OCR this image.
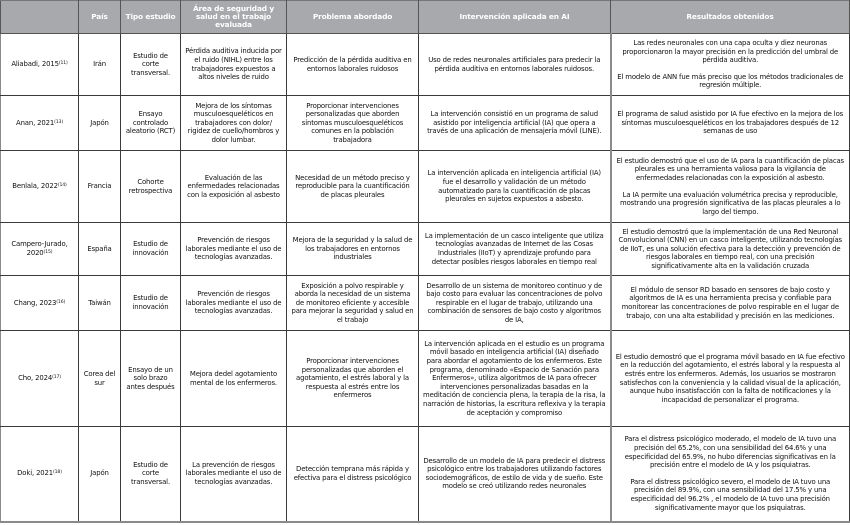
	País	Tipo estudio	Área de seguridad y salud en el trabajo evaluada	Problema abordado	Intervención aplicada en AI	Resultados obtenidos
Aliabadi, 2015$^{(11)}$	Irán	Estudio de corte transversal.	Pérdida auditiva inducida por el ruido (NIHL) entre los trabajadores expuestos a altos niveles de ruido	Predicción de la pérdida auditiva en entornos laborales ruidosos	Uso de redes neuronales artificiales para predecir la pérdida auditiva en entornos laborales ruidosos.	Las redes neuronales con una capa oculta y diez neuronas proporcionaron la mayor precisión en la predicción del umbral de pérdida auditiva.
El modelo de ANN fue más preciso que los métodos tradicionales de regresión múltiple.

Anan, 2021$^{(13)}$	Japón	Ensayo controlado aleatorio (RCT)	Mejora de los síntomas musculoesqueléticos en trabajadores con dolor/ rigidez de cuello/hombros y dolor lumbar.	Proporcionar intervenciones personalizadas que aborden síntomas musculoesqueléticos comunes en la población trabajadora	La intervención consistió en un programa de salud asistido por inteligencia artificial (IA) que opera a través de una aplicación de mensajería móvil (LINE).	El programa de salud asistido por IA fue efectivo en la mejora de los síntomas musculoesqueléticos en los trabajadores después de 12 semanas de uso

Benlala, 2022$^{(14)}$	Francia	Cohorte retrospectiva	Evaluación de las enfermedades relacionadas con la exposición al asbesto	Necesidad de un método preciso y reproducible para la cuantificación de placas pleurales	La intervención aplicada en inteligencia artificial (IA) fue el desarrollo y validación de un método automatizado para la cuantificación de placas pleurales en sujetos expuestos a asbesto.	El estudio demostró que el uso de IA para la cuantificación de placas pleurales es una herramienta valiosa para la vigilancia de enfermedades relacionadas con la exposición al asbesto.
La IA permite una evaluación volumétrica precisa y reproducible, mostrando una progresión significativa de las placas pleurales a lo largo del tiempo.

Campero-Jurado, 2020$^{(15)}$	España	Estudio de innovación	Prevención de riesgos laborales mediante el uso de tecnologías avanzadas.	Mejora de la seguridad y la salud de los trabajadores en entornos industriales	La implementación de un casco inteligente que utiliza tecnologías avanzadas de Internet de las Cosas Industriales (IIoT) y aprendizaje profundo para detectar posibles riesgos laborales en tiempo real	El estudio demostró que la implementación de una Red Neuronal Convolucional (CNN) en un casco inteligente, utilizando tecnologías de IIoT, es una solución efectiva para la detección y prevención de riesgos laborales en tiempo real, con una precisión significativamente alta en la validación cruzada

Chang, 2023$^{(16)}$	Taiwán	Estudio de innovación	Prevención de riesgos laborales mediante el uso de tecnologías avanzadas.	Exposición a polvo respirable y aborda la necesidad de un sistema de monitoreo eficiente y accesible para mejorar la seguridad y salud en el trabajo	Desarrollo de un sistema de monitoreo continuo y de bajo costo para evaluar las concentraciones de polvo respirable en el lugar de trabajo, utilizando una combinación de sensores de bajo costo y algoritmos de IA,	
El módulo de sensor RD basado en sensores de bajo costo y algoritmos de IA es una herramienta precisa y confiable para monitorear las concentraciones de polvo respirable en el lugar de trabajo, con una alta estabilidad y precisión en las mediciones.

Cho, 2024$^{(17)}$	Corea del sur	Ensayo de un solo brazo antes después	Mejora dedel agotamiento mental de los enfermeros.	Proporcionar intervenciones personalizadas que aborden el agotamiento, el estrés laboral y la respuesta al estrés entre los enfermeros	La intervención aplicada en el estudio es un programa móvil basado en inteligencia artificial (IA) diseñado para abordar el agotamiento de los enfermeros. Este programa, denominado «Espacio de Sanación para Enfermeros», utiliza algoritmos de IA para ofrecer intervenciones personalizadas basadas en la meditación de conciencia plena, la terapia de la risa, la narración de historias, la escritura reflexiva y la terapia de aceptación y compromiso	
El estudio demostró que el programa móvil basado en IA fue efectivo en la reducción del agotamiento, el estrés laboral y la respuesta al estrés entre los enfermeros. Además, los usuarios se mostraron satisfechos con la conveniencia y la calidad visual de la aplicación, aunque hubo insatisfacción con la falta de notificaciones y la incapacidad de personalizar el programa.

Doki, 2021$^{(18)}$	Japón	Estudio de corte transversal.	La prevención de riesgos laborales mediante el uso de tecnologías avanzadas.	Detección temprana más rápida y efectiva para el distress psicológico	Desarrollo de un modelo de IA para predecir el distress psicológico entre los trabajadores utilizando factores sociodemográficos, de estilo de vida y de sueño. Este modelo se creó utilizando redes neuronales	
Para el distress psicológico moderado, el modelo de IA tuvo una precisión del 65.2%, con una sensibilidad del 64.6% y una especificidad del 65.9%, no hubo diferencias significativas en la precisión entre el modelo de IA y los psiquiatras.
Para el distress psicológico severo, el modelo de IA tuvo una precisión del 89.9%, con una sensibilidad del 17.5% y una especificidad del 96.2% , el modelo de IA tuvo una precisión significativamente mayor que los psiquiatras.
